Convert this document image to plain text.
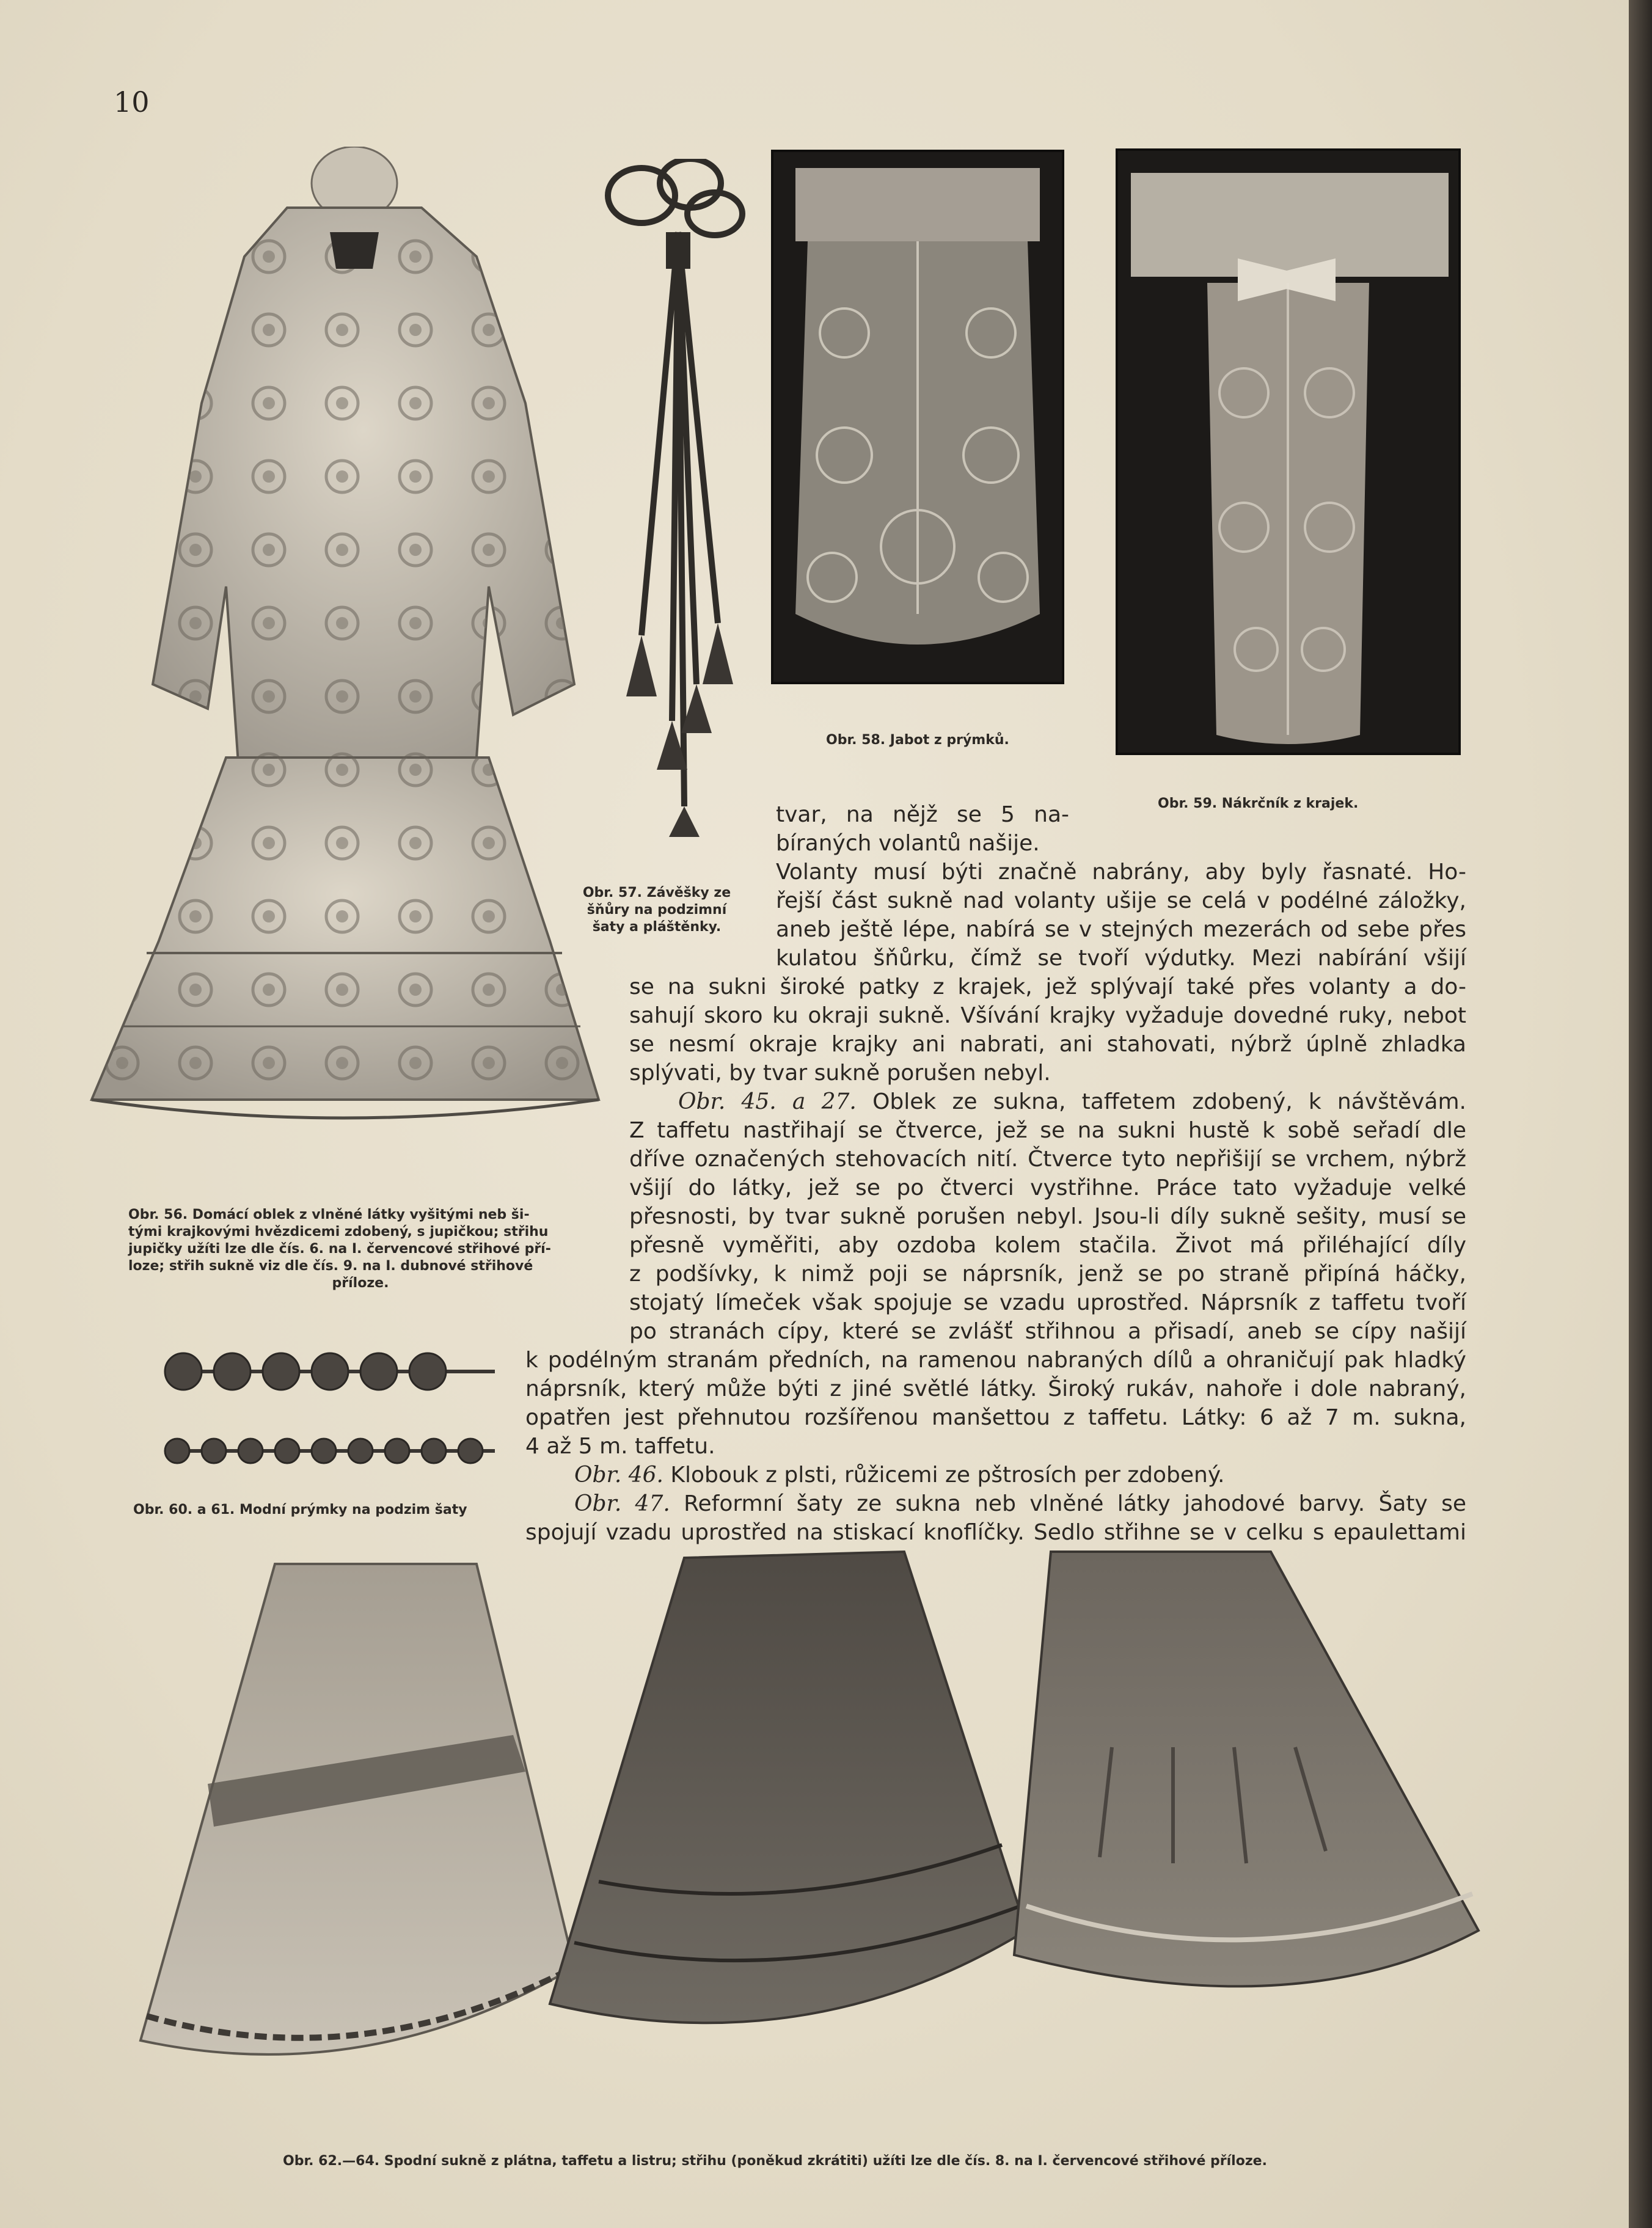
10
Obr. 56. Domácí oblek z vlněné látky vyšitými neb ši-
tými krajkovými hvězdicemi zdobený, s jupičkou; střihu
jupičky užíti lze dle čís. 6. na I. červencové střihové pří-
loze; střih sukně viz dle čís. 9. na I. dubnové střihové
příloze.
Obr. 57. Závěšky ze
šňůry na podzimní
šaty a pláštěnky.
Obr. 58. Jabot z prýmků.
Obr. 59. Nákrčník z krajek.
Obr. 60. a 61. Modní prýmky na podzim šaty
Obr. 62.—64. Spodní sukně z plátna, taffetu a listru; střihu (poněkud zkrátiti) užíti lze dle čís. 8. na I. červencové střihové příloze.
tvar, na nějž se 5 na-
bíraných volantů našije.
Volanty musí býti značně nabrány, aby byly řasnaté. Ho-
řejší část sukně nad volanty ušije se celá v podélné záložky,
aneb ještě lépe, nabírá se v stejných mezerách od sebe přes
kulatou šňůrku, čímž se tvoří výdutky. Mezi nabírání všijí
se na sukni široké patky z krajek, jež splývají také přes volanty a do-
sahují skoro ku okraji sukně. Všívání krajky vyžaduje dovedné ruky, nebot
se nesmí okraje krajky ani nabrati, ani stahovati, nýbrž úplně zhladka
splývati, by tvar sukně porušen nebyl.
Obr. 45. a 27. Oblek ze sukna, taffetem zdobený, k návštěvám.
Z taffetu nastřihají se čtverce, jež se na sukni hustě k sobě seřadí dle
dříve označených stehovacích nití. Čtverce tyto nepřišijí se vrchem, nýbrž
všijí do látky, jež se po čtverci vystřihne. Práce tato vyžaduje velké
přesnosti, by tvar sukně porušen nebyl. Jsou-li díly sukně sešity, musí se
přesně vyměřiti, aby ozdoba kolem stačila. Život má přiléhající díly
z podšívky, k nimž poji se náprsník, jenž se po straně připíná háčky,
stojatý límeček však spojuje se vzadu uprostřed. Náprsník z taffetu tvoří
po stranách cípy, které se zvlášť střihnou a přisadí, aneb se cípy našijí
k podélným stranám předních, na ramenou nabraných dílů a ohraničují pak hladký
náprsník, který může býti z jiné světlé látky. Široký rukáv, nahoře i dole nabraný,
opatřen jest přehnutou rozšířenou manšettou z taffetu. Látky: 6 až 7 m. sukna,
4 až 5 m. taffetu.
Obr. 46. Klobouk z plsti, růžicemi ze pštrosích per zdobený.
Obr. 47. Reformní šaty ze sukna neb vlněné látky jahodové barvy. Šaty se
spojují vzadu uprostřed na stiskací knoflíčky. Sedlo střihne se v celku s epaulettami
